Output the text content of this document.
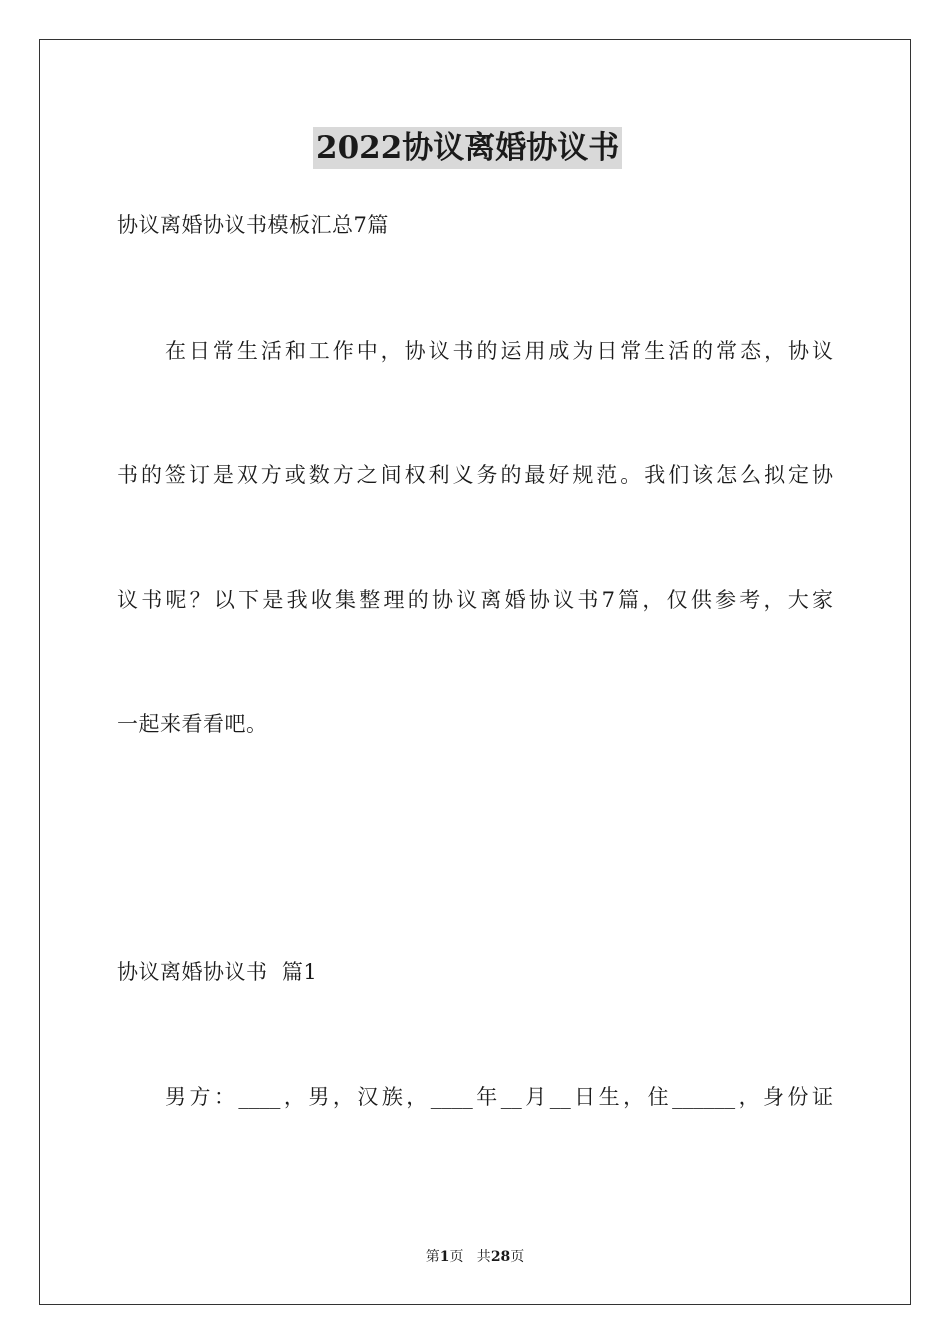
2022协议离婚协议书
协议离婚协议书模板汇总7篇
在日常生活和工作中，协议书的运用成为日常生活的常态，协议
书的签订是双方或数方之间权利义务的最好规范。我们该怎么拟定协
议书呢？以下是我收集整理的协议离婚协议书7篇，仅供参考，大家
一起来看看吧。
协议离婚协议书  篇1
男方：____，男，汉族，____年__月__日生，住______，身份证
第1页   共28页
